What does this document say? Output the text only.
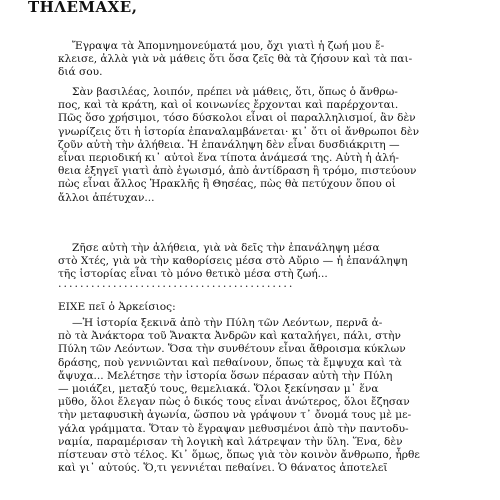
ΤΗΛΕΜΑΧΕ,

Ἔγραψα τὰ Ἀπομνημονεύματά μου, ὄχι γιατὶ ἡ ζωή μου ἔ-
κλεισε, ἀλλὰ γιὰ νὰ μάθεις ὅτι ὅσα ζεῖς θὰ τὰ ζήσουν καὶ τὰ παι-
διά σου.

Σὰν βασιλέας, λοιπόν, πρέπει νὰ μάθεις, ὅτι, ὅπως ὁ ἄνθρω-
πος, καὶ τὰ κράτη, καὶ οἱ κοινωνίες ἔρχονται καὶ παρέρχονται.
Πῶς ὅσο χρήσιμοι, τόσο δύσκολοι εἶναι οἱ παραλληλισμοί, ἂν δὲν
γνωρίζεις ὅτι ἡ ἱστορία ἐπαναλαμβάνεται· κι᾽ ὅτι οἱ ἄνθρωποι δὲν
ζοῦν αὐτὴ τὴν ἀλήθεια. Ἡ ἐπανάληψη δὲν εἶναι δυσδιάκριτη —
εἶναι περιοδική κι᾽ αὐτοὶ ἕνα τίποτα ἀνάμεσά της. Αὐτὴ ἡ ἀλή-
θεια ἐξηγεῖ γιατὶ ἀπὸ ἐγωισμό, ἀπὸ ἀντίδραση ἢ τρόμο, πιστεύουν
πὼς εἶναι ἄλλος Ἡρακλῆς ἢ Θησέας, πὼς θὰ πετύχουν ὅπου οἱ
ἄλλοι ἀπέτυχαν...

Ζῆσε αὐτὴ τὴν ἀλήθεια, γιὰ νὰ δεῖς τὴν ἐπανάληψη μέσα
στὸ Χτές, γιὰ νὰ τὴν καθορίσεις μέσα στὸ Αὔριο — ἡ ἐπανάληψη
τῆς ἱστορίας εἶναι τὸ μόνο θετικὸ μέσα στὴ ζωή...

...........................................

ΕΙΧΕ πεῖ ὁ Ἀρκείσιος:

—Ἡ ἱστορία ξεκινᾶ ἀπὸ τὴν Πύλη τῶν Λεόντων, περνᾶ ἀ-
πὸ τὰ Ἀνάκτορα τοῦ Ἄνακτα Ἀνδρῶν καὶ καταλήγει, πάλι, στὴν
Πύλη τῶν Λεόντων. Ὅσα τὴν συνθέτουν εἶναι ἄθροισμα κύκλων
δράσης, ποὺ γεννιῶνται καὶ πεθαίνουν, ὅπως τὰ ἔμψυχα καὶ τὰ
ἄψυχα... Μελέτησε τὴν ἱστορία ὅσων πέρασαν αὐτὴ τὴν Πύλη
— μοιάζει, μεταξύ τους, θεμελιακά. Ὅλοι ξεκίνησαν μ᾽ ἕνα
μῦθο, ὅλοι ἔλεγαν πὼς ὁ δικός τους εἶναι ἀνώτερος, ὅλοι ἔζησαν
τὴν μεταφυσικὴ ἀγωνία, ὥσπου νὰ γράψουν τ᾽ ὄνομά τους μὲ με-
γάλα γράμματα. Ὅταν τὸ ἔγραψαν μεθυσμένοι ἀπὸ τὴν παντοδυ-
ναμία, παραμέρισαν τὴ λογικὴ καὶ λάτρεψαν τὴν ὕλη. Ἕνα, δὲν
πίστευαν στὸ τέλος. Κι᾽ ὅμως, ὅπως γιὰ τὸν κοινὸν ἄνθρωπο, ἦρθε
καὶ γι᾽ αὐτούς. Ὅ,τι γεννιέται πεθαίνει. Ὁ θάνατος ἀποτελεῖ
